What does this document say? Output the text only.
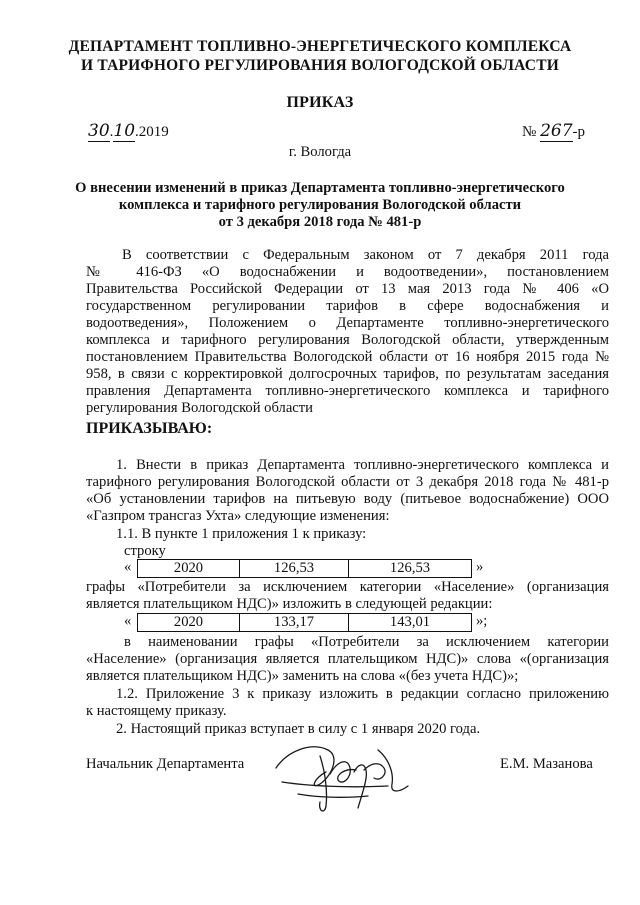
ДЕПАРТАМЕНТ ТОПЛИВНО-ЭНЕРГЕТИЧЕСКОГО КОМПЛЕКСА
И ТАРИФНОГО РЕГУЛИРОВАНИЯ ВОЛОГОДСКОЙ ОБЛАСТИ
ПРИКАЗ
30.10.2019	№ 267-р
г. Вологда
О внесении изменений в приказ Департамента топливно-энергетического
комплекса и тарифного регулирования Вологодской области
от 3 декабря 2018 года № 481-р
В соответствии с Федеральным законом от 7 декабря 2011 года
№ 416-ФЗ «О водоснабжении и водоотведении», постановлением
Правительства Российской Федерации от 13 мая 2013 года № 406 «О
государственном регулировании тарифов в сфере водоснабжения и
водоотведения», Положением о Департаменте топливно-энергетического
комплекса и тарифного регулирования Вологодской области, утвержденным
постановлением Правительства Вологодской области от 16 ноября 2015 года №
958, в связи с корректировкой долгосрочных тарифов, по результатам заседания
правления Департамента топливно-энергетического комплекса и тарифного
регулирования Вологодской области
ПРИКАЗЫВАЮ:
1. Внести в приказ Департамента топливно-энергетического комплекса и
тарифного регулирования Вологодской области от 3 декабря 2018 года № 481-р
«Об установлении тарифов на питьевую воду (питьевое водоснабжение) ООО
«Газпром трансгаз Ухта» следующие изменения:
1.1. В пункте 1 приложения 1 к приказу:
строку
«	2020	126,53	126,53	»
графы «Потребители за исключением категории «Население» (организация
является плательщиком НДС)» изложить в следующей редакции:
«	2020	133,17	143,01	»;
в наименовании графы «Потребители за исключением категории
«Население» (организация является плательщиком НДС)» слова «(организация
является плательщиком НДС)» заменить на слова «(без учета НДС)»;
1.2. Приложение 3 к приказу изложить в редакции согласно приложению
к настоящему приказу.
2. Настоящий приказ вступает в силу с 1 января 2020 года.
Начальник Департамента	Е.М. Мазанова
